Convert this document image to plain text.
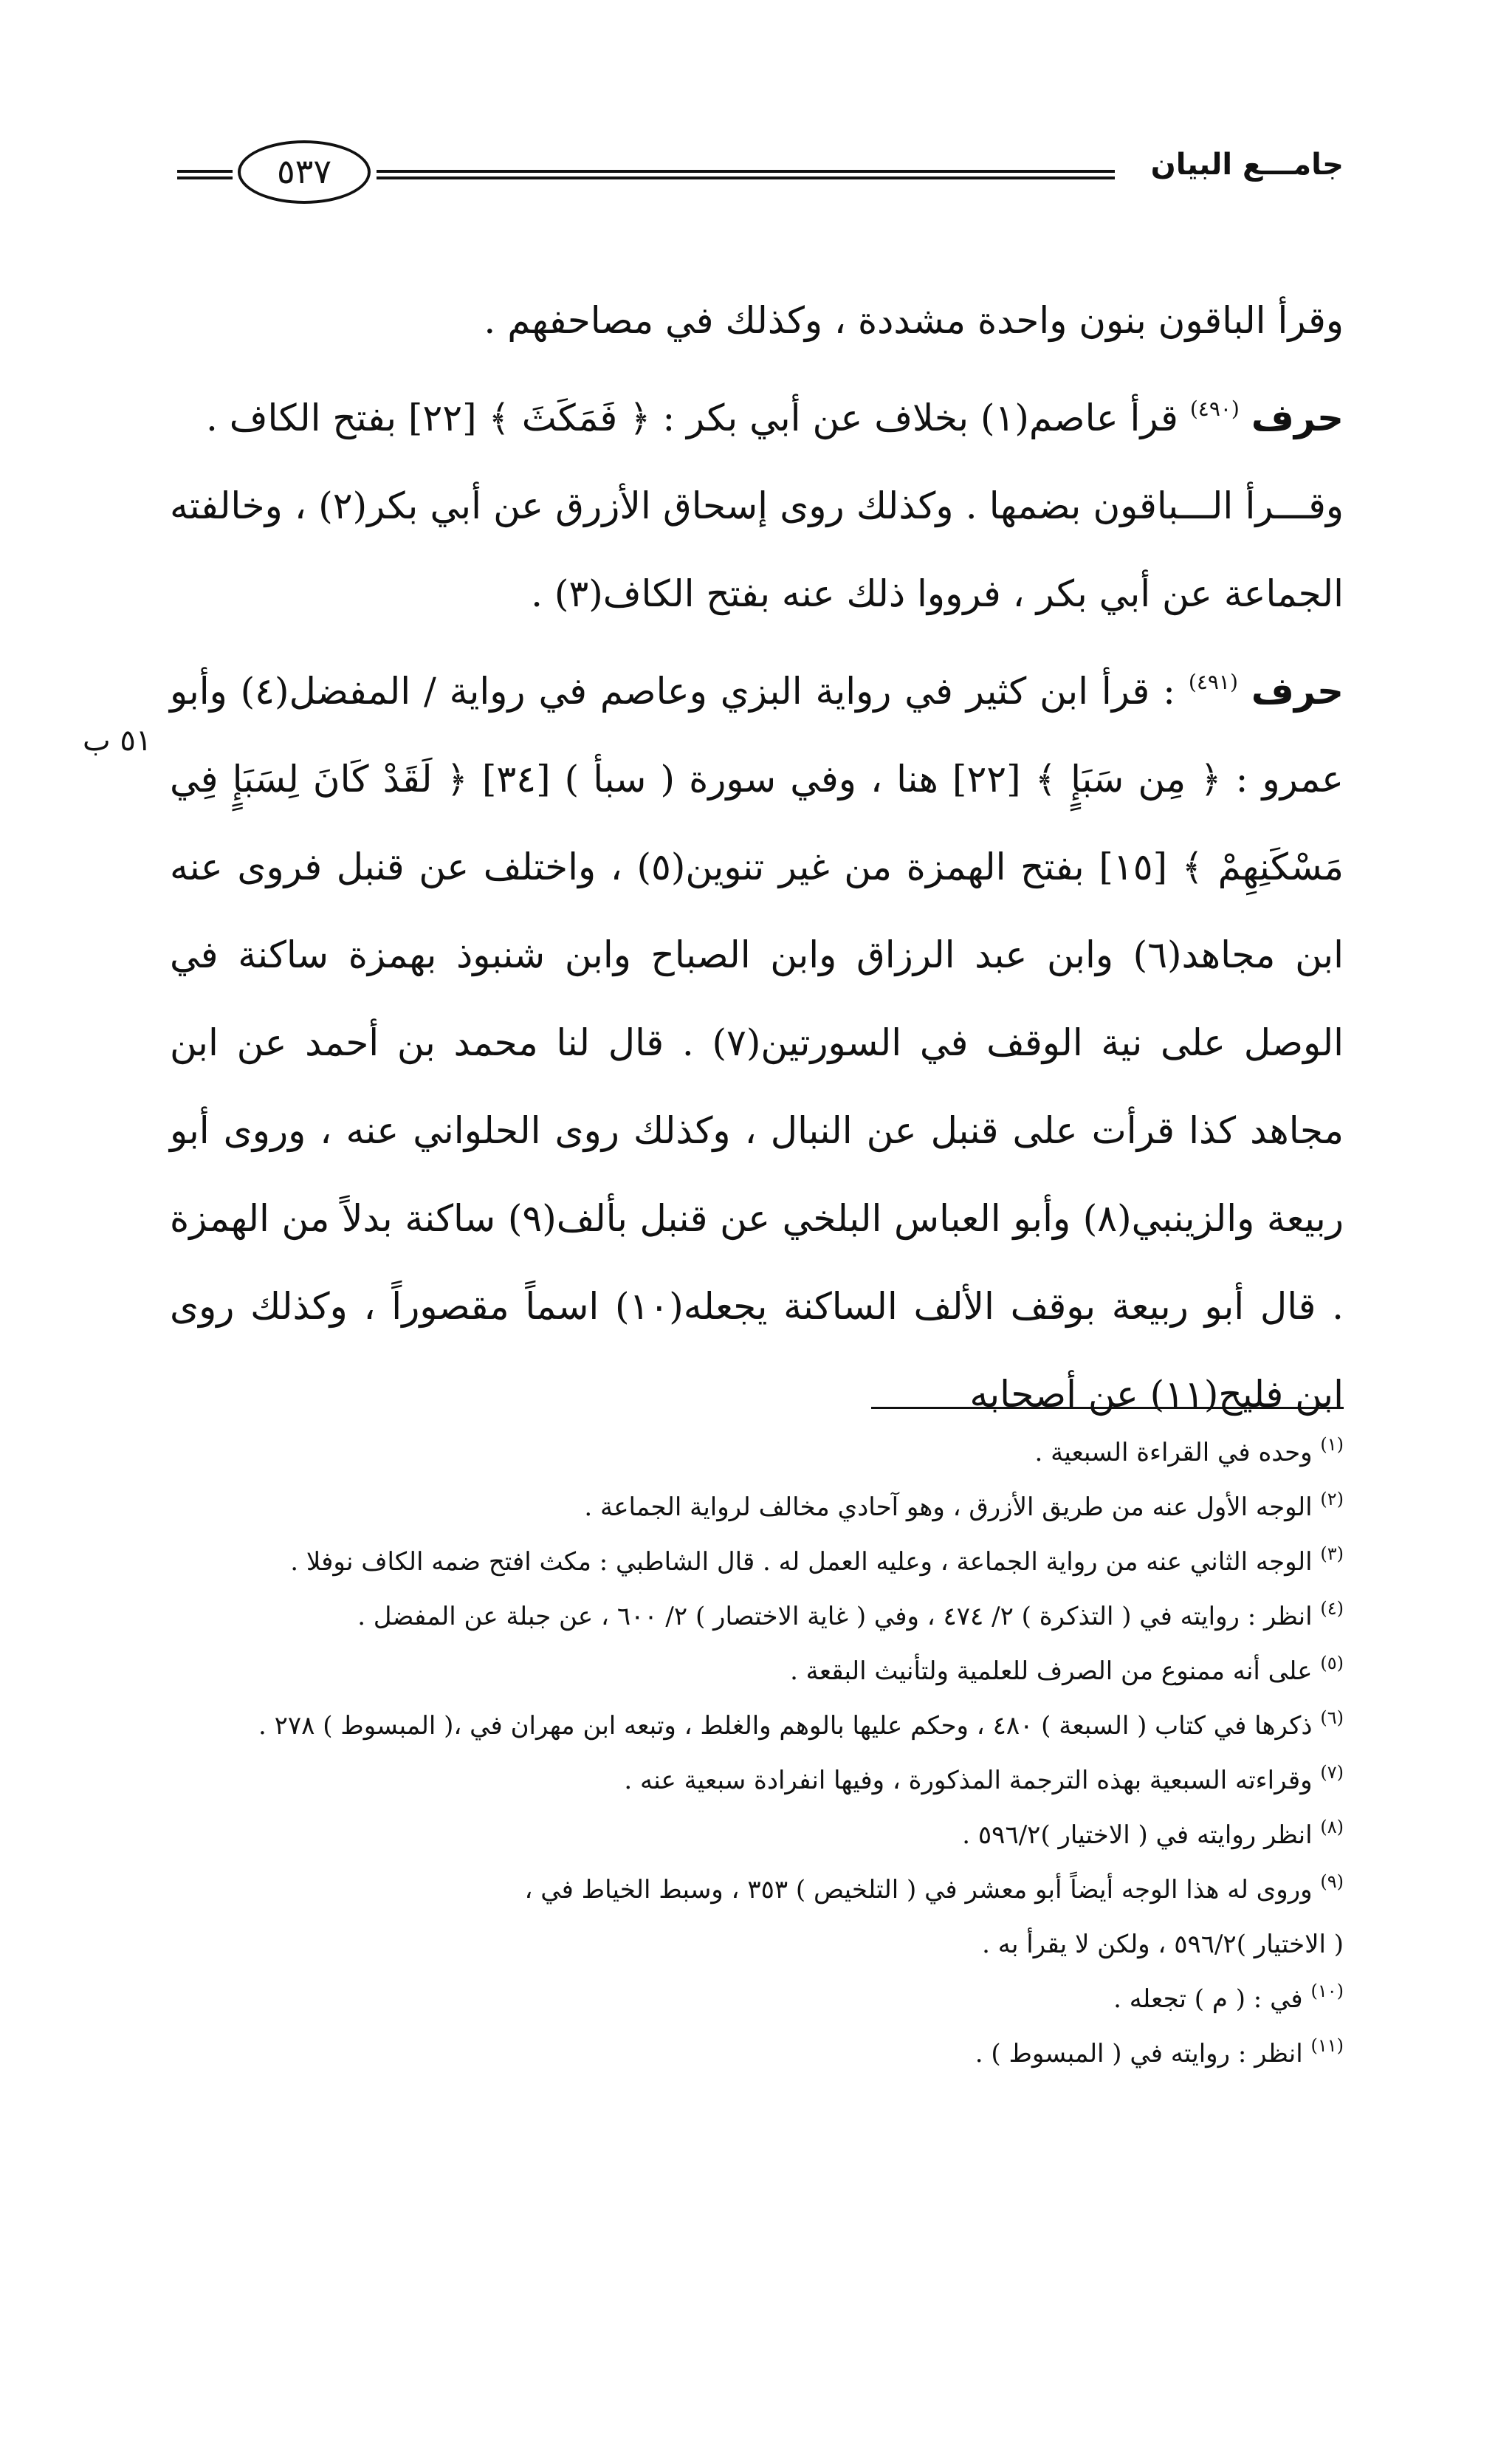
٥٣٧	جامـــع البيان
٥١ ب

وقرأ الباقون بنون واحدة مشددة ، وكذلك في مصاحفهم .

حرف $^{(٤٩٠)}$ قرأ عاصم(١) بخلاف عن أبي بكر : ﴿ فَمَكَثَ ﴾ [٢٢] بفتح الكاف .

وقـــرأ الـــباقون بضمها . وكذلك روى إسحاق الأزرق عن أبي بكر(٢) ، وخالفته الجماعة عن أبي بكر ، فرووا ذلك عنه بفتح الكاف(٣) .

حرف $^{(٤٩١)}$ : قرأ ابن كثير في رواية البزي وعاصم في رواية / المفضل(٤) وأبو عمرو : ﴿ مِن سَبَإٍ ﴾ [٢٢] هنا ، وفي سورة ( سبأ ) [٣٤] ﴿ لَقَدْ كَانَ لِسَبَإٍ فِي مَسْكَنِهِمْ ﴾ [١٥] بفتح الهمزة من غير تنوين(٥) ، واختلف عن قنبل فروى عنه ابن مجاهد(٦) وابن عبد الرزاق وابن الصباح وابن شنبوذ بهمزة ساكنة في الوصل على نية الوقف في السورتين(٧) . قال لنا محمد بن أحمد عن ابن مجاهد كذا قرأت على قنبل عن النبال ، وكذلك روى الحلواني عنه ، وروى أبو ربيعة والزينبي(٨) وأبو العباس البلخي عن قنبل بألف(٩) ساكنة بدلاً من الهمزة . قال أبو ربيعة بوقف الألف الساكنة يجعله(١٠) اسماً مقصوراً ، وكذلك روى ابن فليح(١١) عن أصحابه

$^{(١)}$ وحده في القراءة السبعية .

$^{(٢)}$ الوجه الأول عنه من طريق الأزرق ، وهو آحادي مخالف لرواية الجماعة .

$^{(٣)}$ الوجه الثاني عنه من رواية الجماعة ، وعليه العمل له . قال الشاطبي : مكث افتح ضمه الكاف نوفلا .

$^{(٤)}$ انظر : روايته في ( التذكرة ) ٢/ ٤٧٤ ، وفي ( غاية الاختصار ) ٢/ ٦٠٠ ، عن جبلة عن المفضل .

$^{(٥)}$ على أنه ممنوع من الصرف للعلمية ولتأنيث البقعة .

$^{(٦)}$ ذكرها في كتاب ( السبعة ) ٤٨٠ ، وحكم عليها بالوهم والغلط ، وتبعه ابن مهران في ،( المبسوط ) ٢٧٨ .

$^{(٧)}$ وقراءته السبعية بهذه الترجمة المذكورة ، وفيها انفرادة سبعية عنه .

$^{(٨)}$ انظر روايته في ( الاختيار )٥٩٦/٢ .

$^{(٩)}$ وروى له هذا الوجه أيضاً أبو معشر في ( التلخيص ) ٣٥٣ ، وسبط الخياط في ،

( الاختيار )٥٩٦/٢ ، ولكن لا يقرأ به .

$^{(١٠)}$ في : ( م ) تجعله .

$^{(١١)}$ انظر : روايته في ( المبسوط ) .
